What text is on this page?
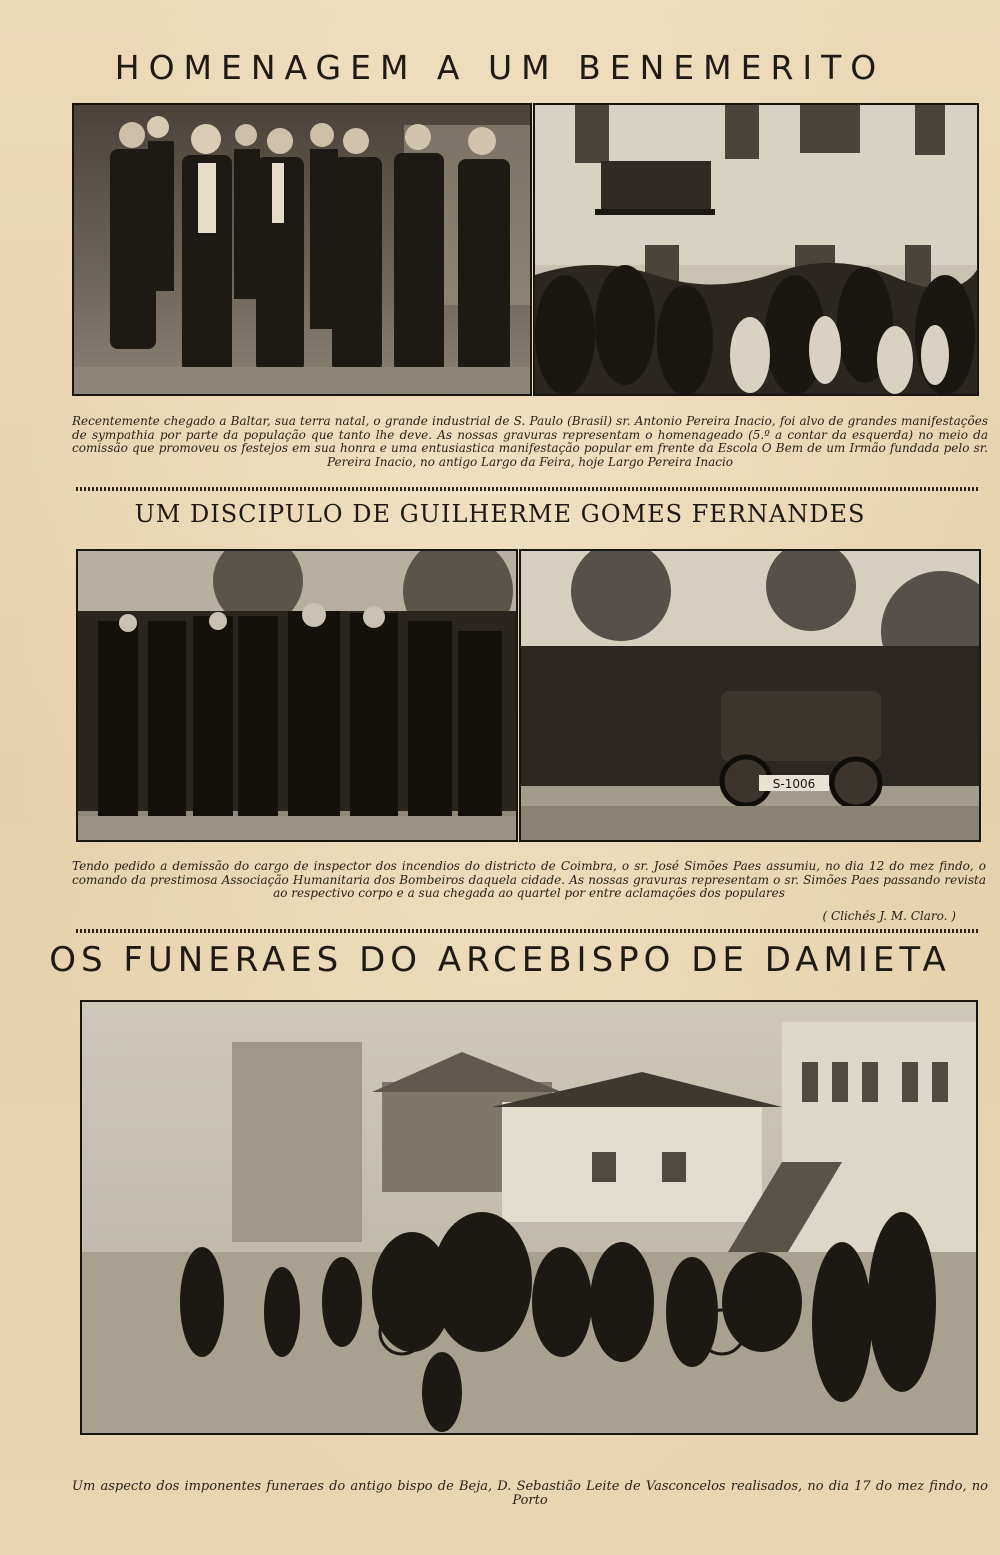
HOMENAGEM A UM BENEMERITO

Recentemente chegado a Baltar, sua terra natal, o grande industrial de S. Paulo (Brasil) sr. Antonio Pereira Inacio, foi alvo de grandes manifestações de sympathia por parte da população que tanto lhe deve. As nossas gravuras representam o homenageado (5.º a contar da esquerda) no meio da comissão que promoveu os festejos em sua honra e uma entusiastica manifestação popular em frente da Escola O Bem de um Irmão fundada pelo sr. Pereira Inacio, no antigo Largo da Feira, hoje Largo Pereira Inacio

UM DISCIPULO DE GUILHERME GOMES FERNANDES
S-1006

Tendo pedido a demissão do cargo de inspector dos incendios do districto de Coimbra, o sr. José Simões Paes assumiu, no dia 12 do mez findo, o comando da prestimosa Associação Humanitaria dos Bombeiros daquela cidade. As nossas gravuras representam o sr. Simões Paes passando revista ao respectivo corpo e a sua chegada ao quartel por entre aclamações dos populares

( Clichés J. M. Claro. )

OS FUNERAES DO ARCEBISPO DE DAMIETA

Um aspecto dos imponentes funeraes do antigo bispo de Beja, D. Sebastião Leite de Vasconcelos realisados, no dia 17 do mez findo, no Porto
